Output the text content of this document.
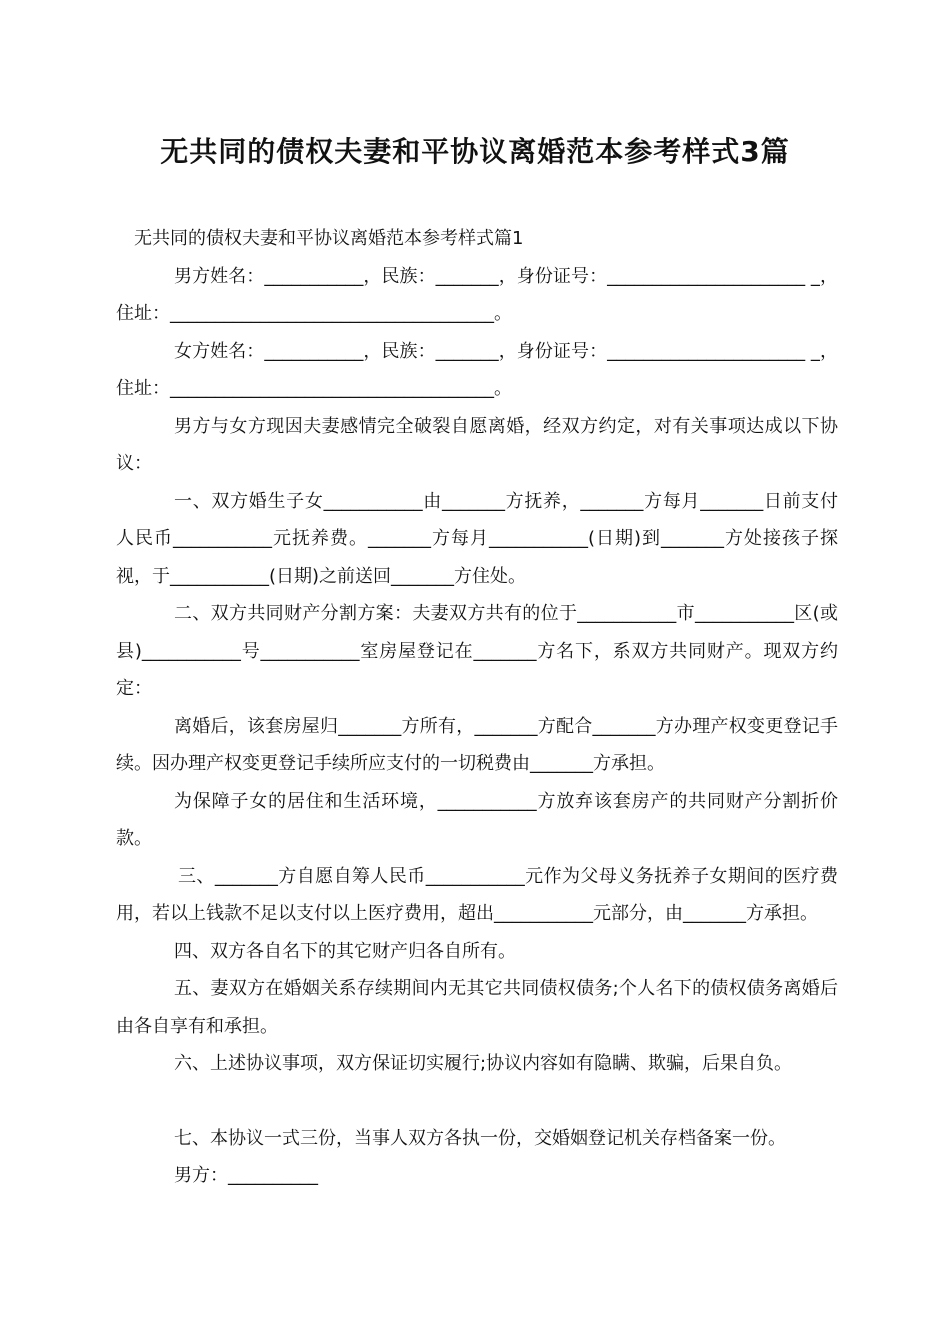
无共同的债权夫妻和平协议离婚范本参考样式3篇

无共同的债权夫妻和平协议离婚范本参考样式篇1

男方姓名：___________，民族：_______，身份证号：______________________ _，住址：____________________________________。

女方姓名：___________，民族：_______，身份证号：______________________ _，住址：____________________________________。

男方与女方现因夫妻感情完全破裂自愿离婚，经双方约定，对有关事项达成以下协议：

一、双方婚生子女___________由_______方抚养，_______方每月_______日前支付人民币___________元抚养费。_______方每月___________(日期)到_______方处接孩子探视，于___________(日期)之前送回_______方住处。

二、双方共同财产分割方案：夫妻双方共有的位于___________市___________区(或县)___________号___________室房屋登记在_______方名下，系双方共同财产。现双方约定：

离婚后，该套房屋归_______方所有，_______方配合_______方办理产权变更登记手续。因办理产权变更登记手续所应支付的一切税费由_______方承担。

为保障子女的居住和生活环境，___________方放弃该套房产的共同财产分割折价款。

三、_______方自愿自筹人民币___________元作为父母义务抚养子女期间的医疗费用，若以上钱款不足以支付以上医疗费用，超出___________元部分，由_______方承担。

四、双方各自名下的其它财产归各自所有。

五、妻双方在婚姻关系存续期间内无其它共同债权债务;个人名下的债权债务离婚后由各自享有和承担。

六、上述协议事项，双方保证切实履行;协议内容如有隐瞒、欺骗，后果自负。

七、本协议一式三份，当事人双方各执一份，交婚姻登记机关存档备案一份。

男方：__________
